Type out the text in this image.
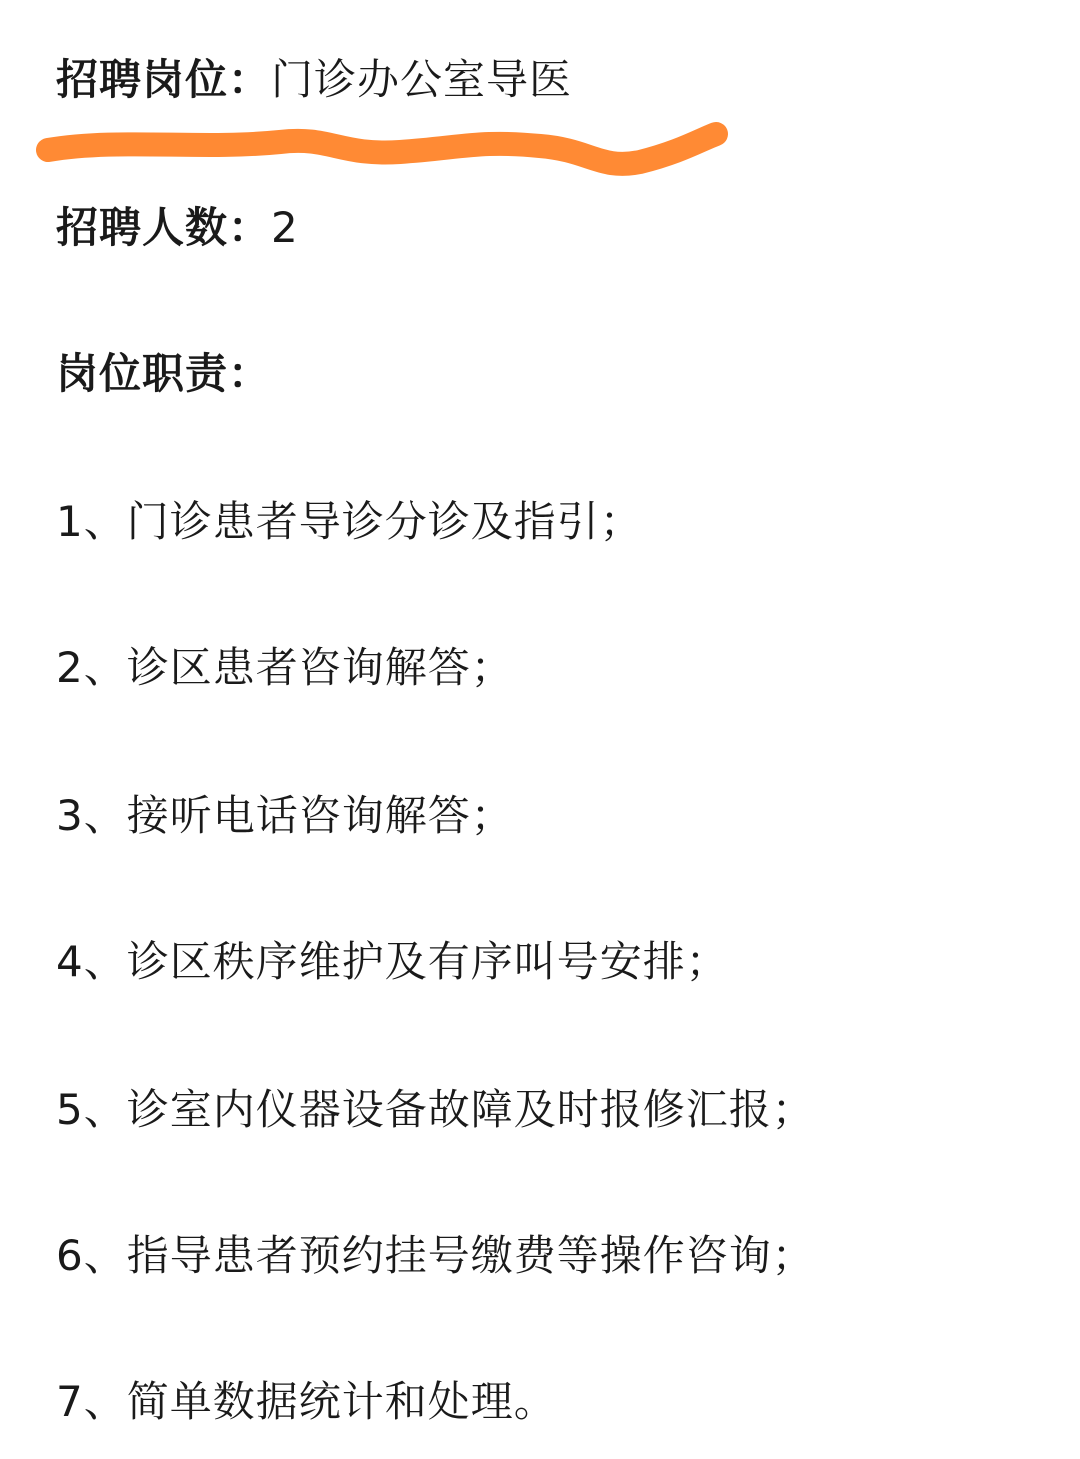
招聘岗位：门诊办公室导医
招聘人数：2
岗位职责：
1、门诊患者导诊分诊及指引；
2、诊区患者咨询解答；
3、接听电话咨询解答；
4、诊区秩序维护及有序叫号安排；
5、诊室内仪器设备故障及时报修汇报；
6、指导患者预约挂号缴费等操作咨询；
7、简单数据统计和处理。
